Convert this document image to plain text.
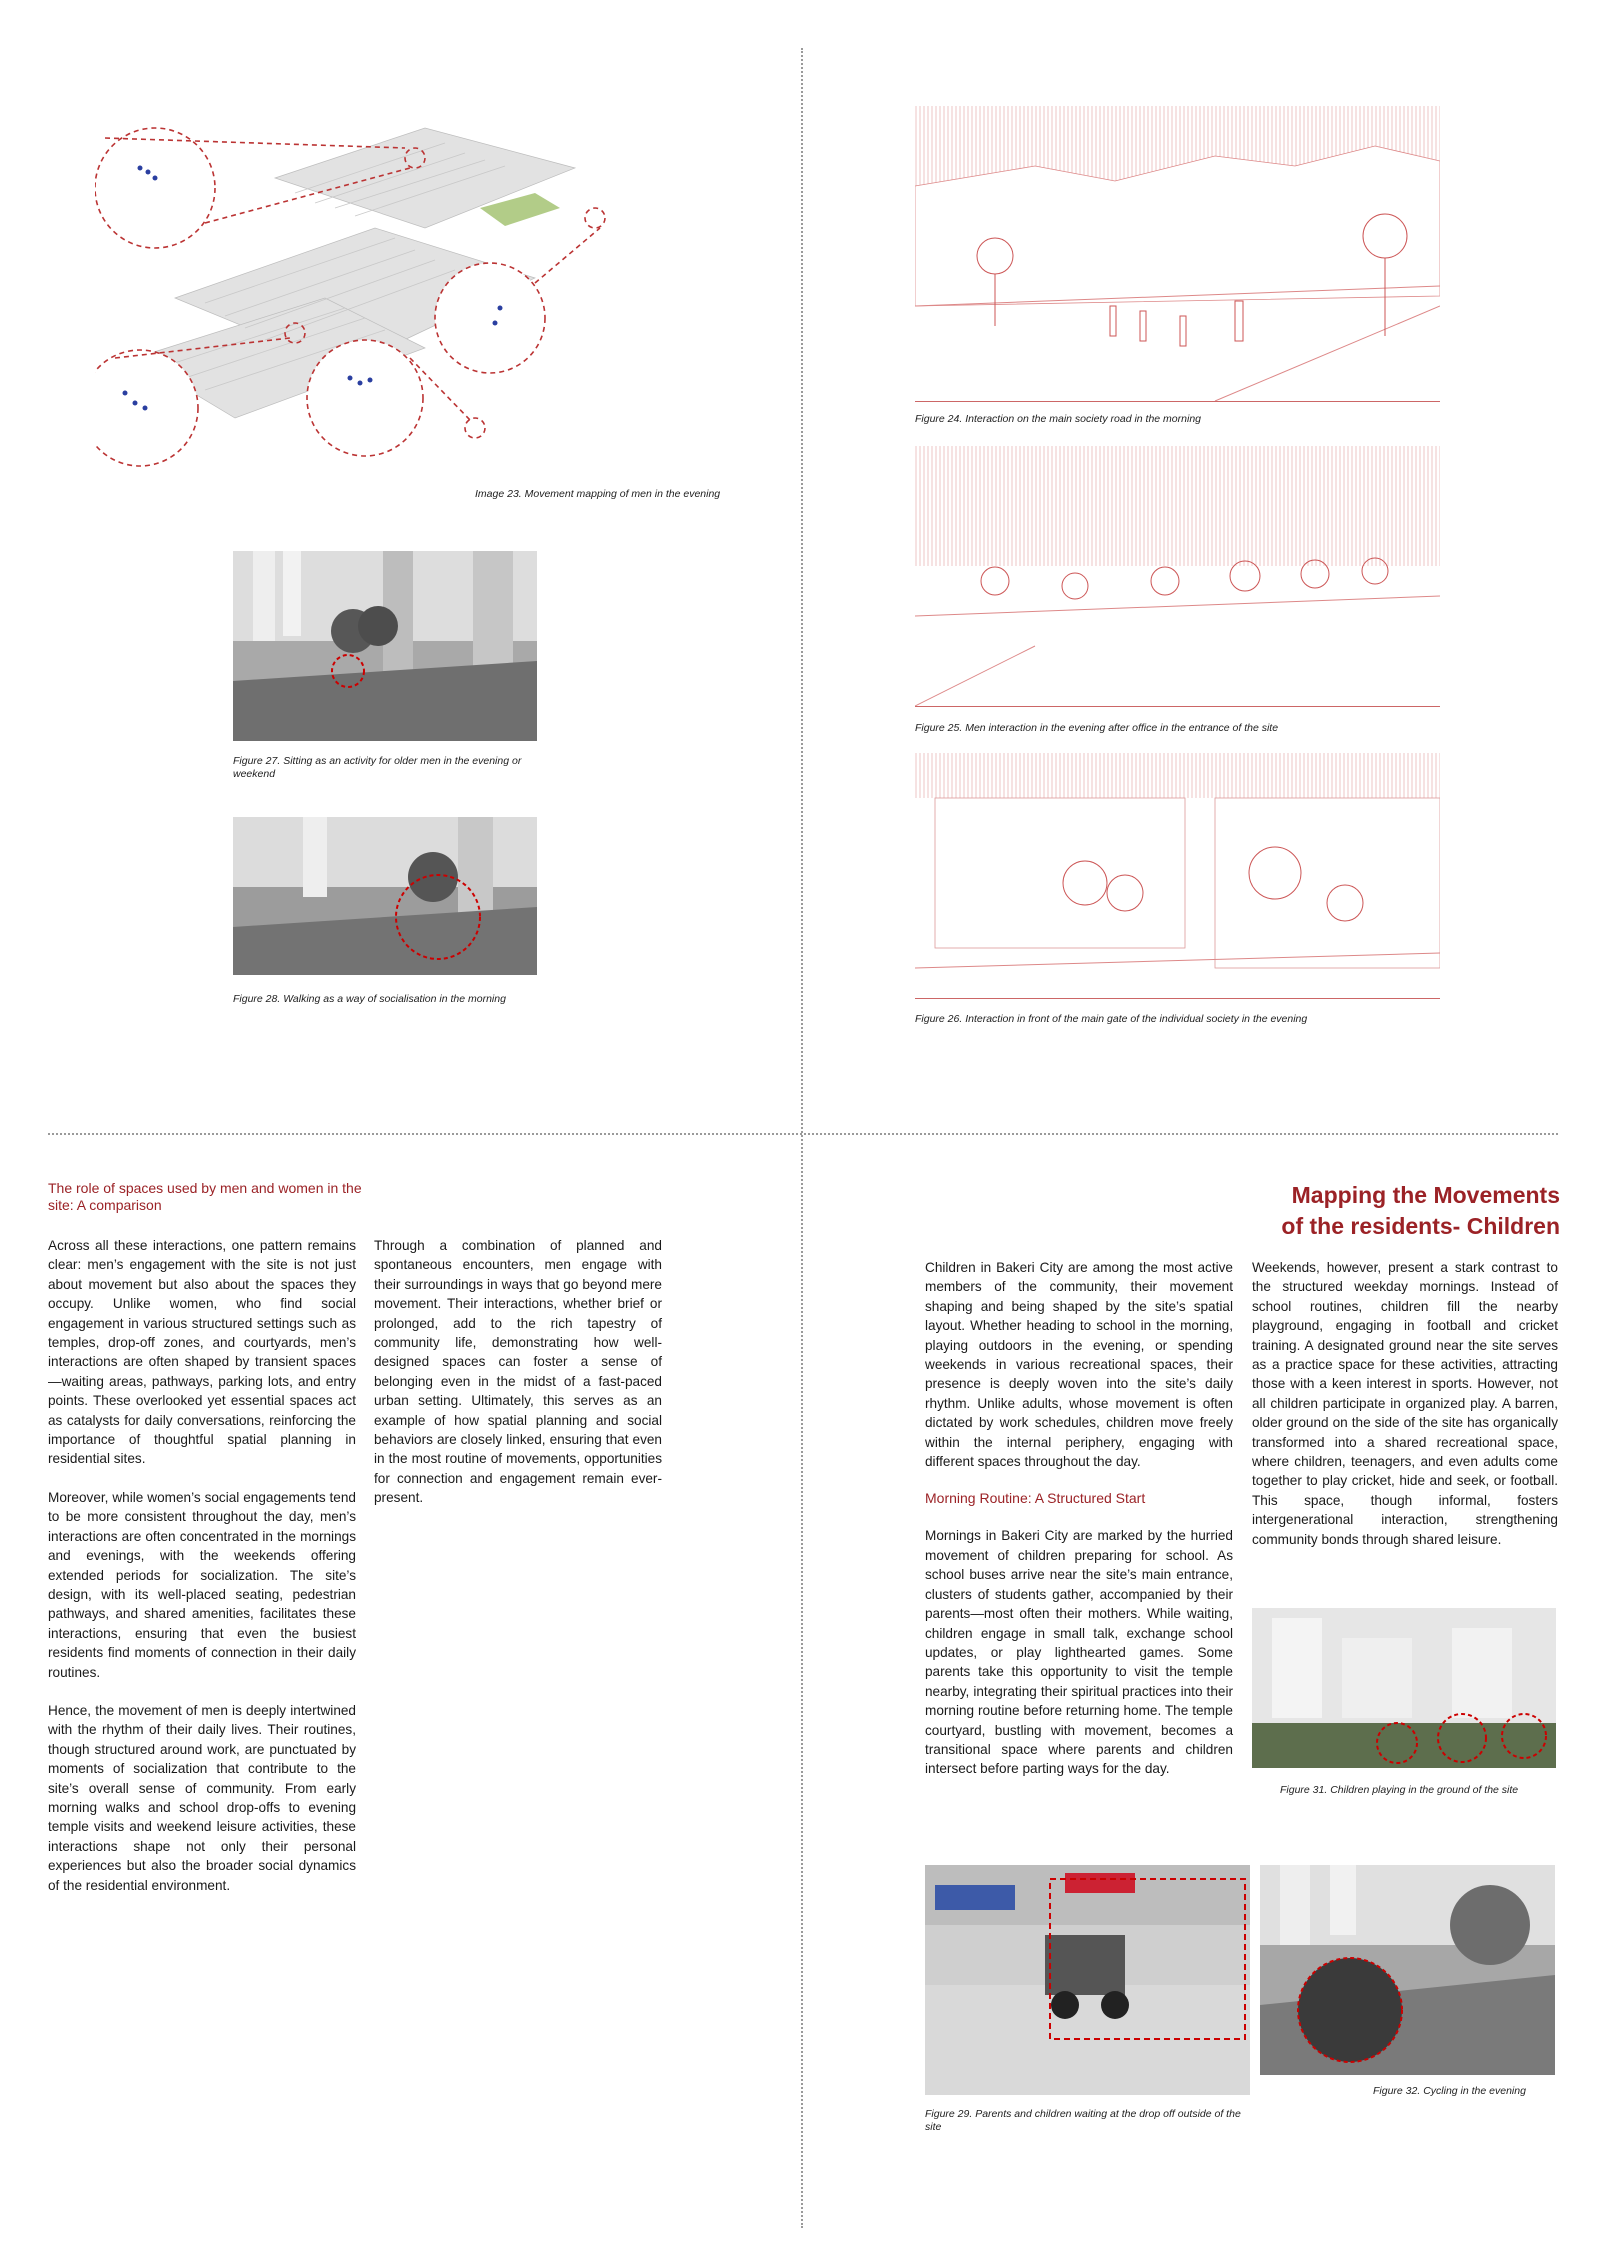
Image 23. Movement mapping of men in the evening
Figure 27. Sitting as an activity for older men in the evening or weekend
Figure 28. Walking as a way of socialisation in the morning
Figure 24. Interaction on the main society road in the morning
Figure 25. Men interaction in the evening after office in the entrance of the site
Figure 26. Interaction in front of the main gate of the individual society in the evening
The role of spaces used by men and women in the site: A comparison

Across all these interactions, one pattern remains clear: men’s engagement with the site is not just about movement but also about the spaces they occupy. Unlike women, who find social engagement in various structured settings such as temples, drop-off zones, and courtyards, men’s interactions are often shaped by transient spaces—waiting areas, pathways, parking lots, and entry points. These overlooked yet essential spaces act as catalysts for daily conversations, reinforcing the importance of thoughtful spatial planning in residential sites.

Moreover, while women’s social engagements tend to be more consistent throughout the day, men’s interactions are often concentrated in the mornings and evenings, with the weekends offering extended periods for socialization. The site’s design, with its well-placed seating, pedestrian pathways, and shared amenities, facilitates these interactions, ensuring that even the busiest residents find moments of connection in their daily routines.

Hence, the movement of men is deeply intertwined with the rhythm of their daily lives. Their routines, though structured around work, are punctuated by moments of socialization that contribute to the site’s overall sense of community. From early morning walks and school drop-offs to evening temple visits and weekend leisure activities, these interactions shape not only their personal experiences but also the broader social dynamics of the residential environment.

Through a combination of planned and spontaneous encounters, men engage with their surroundings in ways that go beyond mere movement. Their interactions, whether brief or prolonged, add to the rich tapestry of community life, demonstrating how well-designed spaces can foster a sense of belonging even in the midst of a fast-paced urban setting. Ultimately, this serves as an example of how spatial planning and social behaviors are closely linked, ensuring that even in the most routine of movements, opportunities for connection and engagement remain ever-present.

Mapping the Movements
of the residents- Children

Children in Bakeri City are among the most active members of the community, their movement shaping and being shaped by the site’s spatial layout. Whether heading to school in the morning, playing outdoors in the evening, or spending weekends in various recreational spaces, their presence is deeply woven into the site’s daily rhythm. Unlike adults, whose movement is often dictated by work schedules, children move freely within the internal periphery, engaging with different spaces throughout the day.

Morning Routine: A Structured Start

Mornings in Bakeri City are marked by the hurried movement of children preparing for school. As school buses arrive near the site’s main entrance, clusters of students gather, accompanied by their parents—most often their mothers. While waiting, children engage in small talk, exchange school updates, or play lighthearted games. Some parents take this opportunity to visit the temple nearby, integrating their spiritual practices into their morning routine before returning home. The temple courtyard, bustling with movement, becomes a transitional space where parents and children intersect before parting ways for the day.

Weekends, however, present a stark contrast to the structured weekday mornings. Instead of school routines, children fill the nearby playground, engaging in football and cricket training. A designated ground near the site serves as a practice space for these activities, attracting those with a keen interest in sports. However, not all children participate in organized play. A barren, older ground on the side of the site has organically transformed into a shared recreational space, where children, teenagers, and even adults come together to play cricket, hide and seek, or football. This space, though informal, fosters intergenerational interaction, strengthening community bonds through shared leisure.

Figure 31. Children playing in the ground of the site
Figure 29. Parents and children waiting at the drop off outside of the site
Figure 32. Cycling in the evening
